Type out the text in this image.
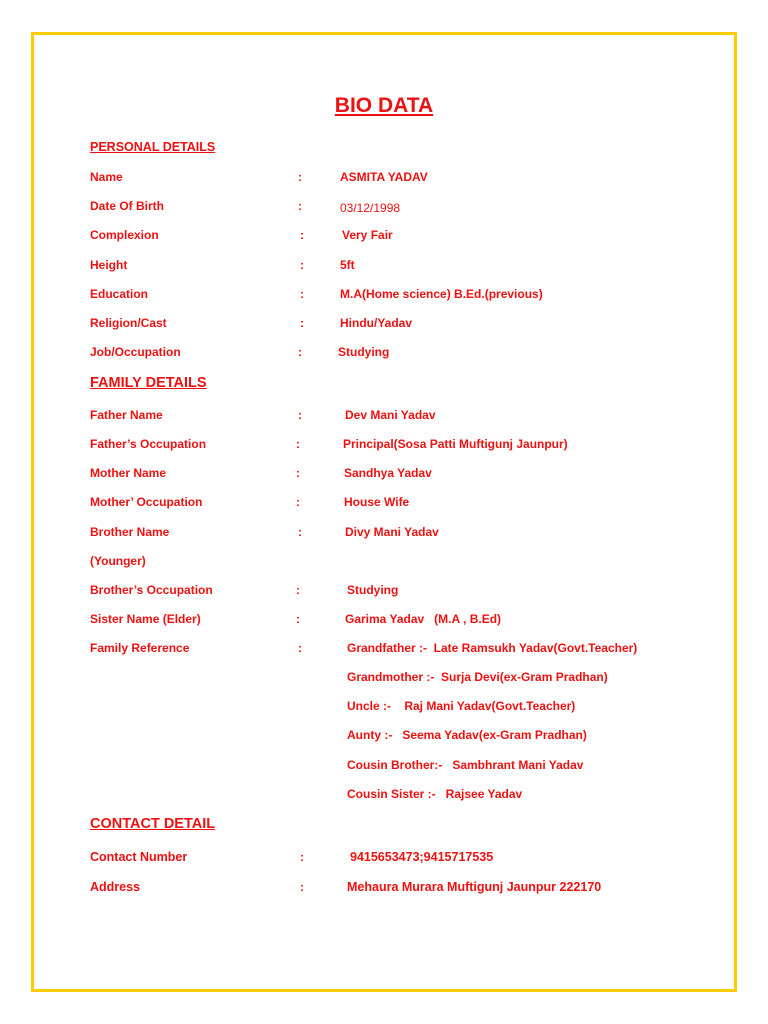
BIO DATA
PERSONAL DETAILS
Name	:	ASMITA YADAV
Date Of Birth	:	03/12/1998
Complexion	:	Very Fair
Height	:	5ft
Education	:	M.A(Home science) B.Ed.(previous)
Religion/Cast	:	Hindu/Yadav
Job/Occupation	:	Studying
FAMILY DETAILS
Father Name	:	Dev Mani Yadav
Father’s Occupation	:	Principal(Sosa Patti Muftigunj Jaunpur)
Mother Name	:	Sandhya Yadav
Mother’ Occupation	:	House Wife
Brother Name	:	Divy Mani Yadav
(Younger)
Brother’s Occupation	:	Studying
Sister Name (Elder)	:	Garima Yadav   (M.A , B.Ed)
Family Reference	:	Grandfather :-  Late Ramsukh Yadav(Govt.Teacher)
Grandmother :-  Surja Devi(ex-Gram Pradhan)
Uncle :-    Raj Mani Yadav(Govt.Teacher)
Aunty :-   Seema Yadav(ex-Gram Pradhan)
Cousin Brother:-   Sambhrant Mani Yadav
Cousin Sister :-   Rajsee Yadav
CONTACT DETAIL
Contact Number	:	9415653473;9415717535
Address	:	Mehaura Murara Muftigunj Jaunpur 222170
